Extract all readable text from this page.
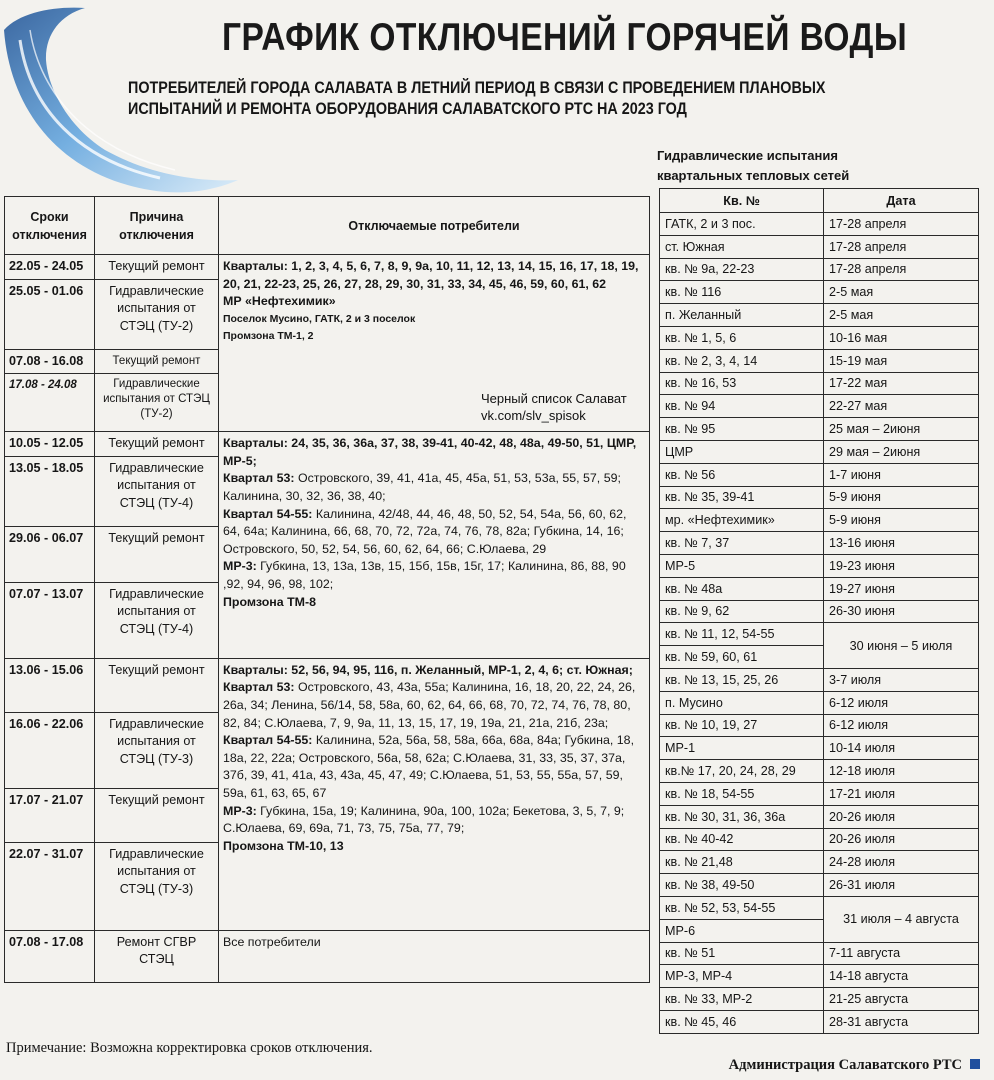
ГРАФИК ОТКЛЮЧЕНИЙ ГОРЯЧЕЙ ВОДЫ
ПОТРЕБИТЕЛЕЙ ГОРОДА САЛАВАТА В ЛЕТНИЙ ПЕРИОД В СВЯЗИ С ПРОВЕДЕНИЕМ ПЛАНОВЫХ
ИСПЫТАНИЙ И РЕМОНТА ОБОРУДОВАНИЯ САЛАВАТСКОГО РТС НА 2023 ГОД
Сроки отключения	Причина отключения	Отключаемые потребители
22.05 - 24.05	Текущий ремонт	Кварталы: 1, 2, 3, 4, 5, 6, 7, 8, 9, 9а, 10, 11, 12, 13, 14, 15, 16, 17, 18, 19, 20, 21, 22-23, 25, 26, 27, 28, 29, 30, 31, 33, 34, 45, 46, 59, 60, 61, 62
МР «Нефтехимик»
Поселок Мусино, ГАТК, 2 и 3 поселок
Промзона ТМ-1, 2

25.05 - 01.06	Гидравлические испытания от СТЭЦ (ТУ-2)	
07.08 - 16.08	Текущий ремонт	
17.08 - 24.08	Гидравлические испытания от СТЭЦ (ТУ-2)	
10.05 - 12.05	Текущий ремонт	Кварталы: 24, 35, 36, 36а, 37, 38, 39-41, 40-42, 48, 48а, 49-50, 51, ЦМР, МР-5;
Квартал 53: Островского, 39, 41, 41а, 45, 45а, 51, 53, 53а, 55, 57, 59; Калинина, 30, 32, 36, 38, 40;
Квартал 54-55: Калинина, 42/48, 44, 46, 48, 50, 52, 54, 54а, 56, 60, 62, 64, 64а; Калинина, 66, 68, 70, 72, 72а, 74, 76, 78, 82а; Губкина, 14, 16; Островского, 50, 52, 54, 56, 60, 62, 64, 66; С.Юлаева, 29
МР-3: Губкина, 13, 13а, 13в, 15, 15б, 15в, 15г, 17; Калинина, 86, 88, 90 ,92, 94, 96, 98, 102;
Промзона ТМ-8

13.05 - 18.05	Гидравлические испытания от СТЭЦ (ТУ-4)	
29.06 - 06.07	Текущий ремонт	
07.07 - 13.07	Гидравлические испытания от СТЭЦ (ТУ-4)	
13.06 - 15.06	Текущий ремонт	Кварталы: 52, 56, 94, 95, 116, п. Желанный, МР-1, 2, 4, 6; ст. Южная;
Квартал 53: Островского, 43, 43а, 55а; Калинина, 16, 18, 20, 22, 24, 26, 26а, 34; Ленина, 56/14, 58, 58а, 60, 62, 64, 66, 68, 70, 72, 74, 76, 78, 80, 82, 84; С.Юлаева, 7, 9, 9а, 11, 13, 15, 17, 19, 19а, 21, 21а, 21б, 23а;
Квартал 54-55: Калинина, 52а, 56а, 58, 58а, 66а, 68а, 84а; Губкина, 18, 18а, 22, 22а; Островского, 56а, 58, 62а; С.Юлаева, 31, 33, 35, 37, 37а, 37б, 39, 41, 41а, 43, 43а, 45, 47, 49; С.Юлаева, 51, 53, 55, 55а, 57, 59, 59а, 61, 63, 65, 67
МР-3: Губкина, 15а, 19; Калинина, 90а, 100, 102а; Бекетова, 3, 5, 7, 9; С.Юлаева, 69, 69а, 71, 73, 75, 75а, 77, 79;
Промзона ТМ-10, 13

16.06 - 22.06	Гидравлические испытания от СТЭЦ (ТУ-3)	
17.07 - 21.07	Текущий ремонт	
22.07 - 31.07	Гидравлические испытания от СТЭЦ (ТУ-3)	
07.08 - 17.08	Ремонт СГВР СТЭЦ	Все потребители
Черный список Салават
vk.com/slv_spisok
Гидравлические испытания
квартальных тепловых сетей
Кв. №	Дата
ГАТК, 2 и 3 пос.	17-28 апреля
ст. Южная	17-28 апреля
кв. № 9а, 22-23	17-28 апреля
кв. № 116	2-5 мая
п. Желанный	2-5 мая
кв. № 1, 5, 6	10-16 мая
кв. № 2, 3, 4, 14	15-19 мая
кв. № 16, 53	17-22 мая
кв. № 94	22-27 мая
кв. № 95	25 мая – 2июня
ЦМР	29 мая – 2июня
кв. № 56	1-7 июня
кв. № 35, 39-41	5-9 июня
мр. «Нефтехимик»	5-9 июня
кв. № 7, 37	13-16 июня
МР-5	19-23 июня
кв. № 48а	19-27 июня
кв. № 9, 62	26-30 июня
кв. № 11, 12, 54-55	30 июня – 5 июля
кв. № 59, 60, 61	
кв. № 13, 15, 25, 26	3-7 июля
п. Мусино	6-12 июля
кв. № 10, 19, 27	6-12 июля
МР-1	10-14 июля
кв.№ 17, 20, 24, 28, 29	12-18 июля
кв. № 18, 54-55	17-21 июля
кв. № 30, 31, 36, 36а	20-26 июля
кв. № 40-42	20-26 июля
кв. № 21,48	24-28 июля
кв. № 38, 49-50	26-31 июля
кв. № 52, 53, 54-55	31 июля – 4 августа
МР-6	
кв. № 51	7-11 августа
МР-3, МР-4	14-18 августа
кв. № 33, МР-2	21-25 августа
кв. № 45, 46	28-31 августа
Примечание: Возможна корректировка сроков отключения.
Администрация Салаватского РТС
